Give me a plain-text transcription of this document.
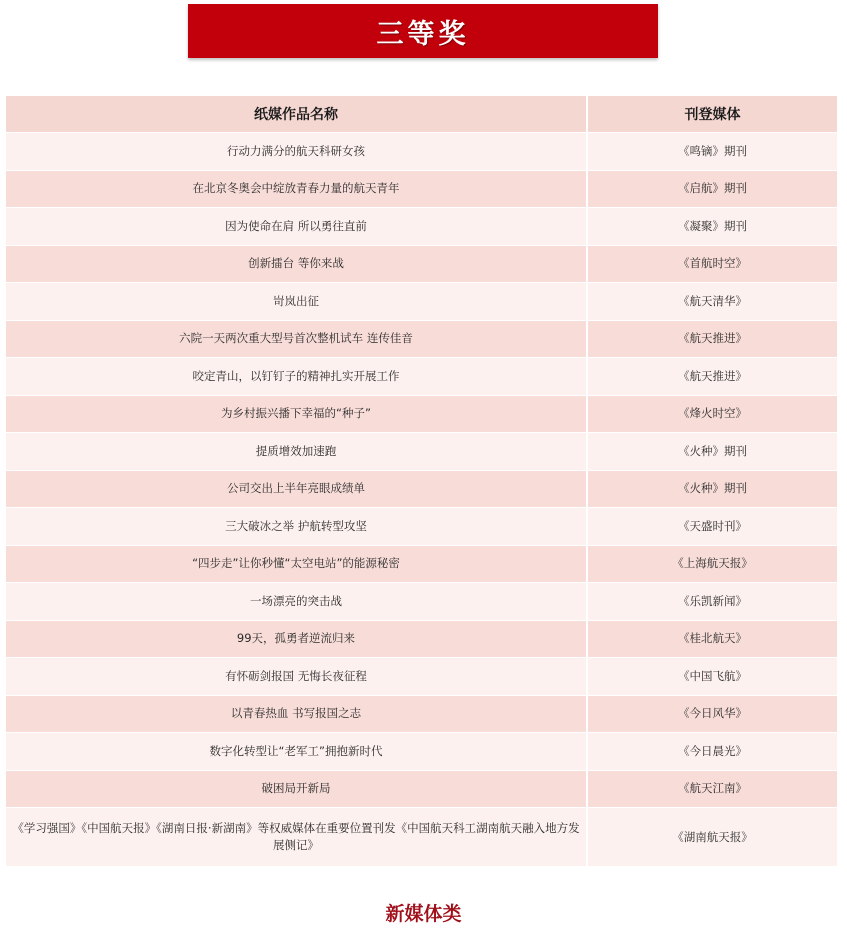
三等奖
纸媒作品名称	刊登媒体
行动力满分的航天科研女孩	《鸣镝》期刊
在北京冬奥会中绽放青春力量的航天青年	《启航》期刊
因为使命在肩 所以勇往直前	《凝聚》期刊
创新擂台 等你来战	《首航时空》
岢岚出征	《航天清华》
六院一天两次重大型号首次整机试车 连传佳音	《航天推进》
咬定青山，以钉钉子的精神扎实开展工作	《航天推进》
为乡村振兴播下幸福的“种子”	《烽火时空》
提质增效加速跑	《火种》期刊
公司交出上半年亮眼成绩单	《火种》期刊
三大破冰之举 护航转型攻坚	《天盛时刊》
“四步走”让你秒懂“太空电站”的能源秘密	《上海航天报》
一场漂亮的突击战	《乐凯新闻》
99天，孤勇者逆流归来	《桂北航天》
有怀砺剑报国 无悔长夜征程	《中国飞航》
以青春热血 书写报国之志	《今日风华》
数字化转型让“老军工”拥抱新时代	《今日晨光》
破困局开新局	《航天江南》
《学习强国》《中国航天报》《湖南日报·新湖南》等权威媒体在重要位置刊发《中国航天科工湖南航天融入地方发展侧记》	《湖南航天报》
新媒体类
